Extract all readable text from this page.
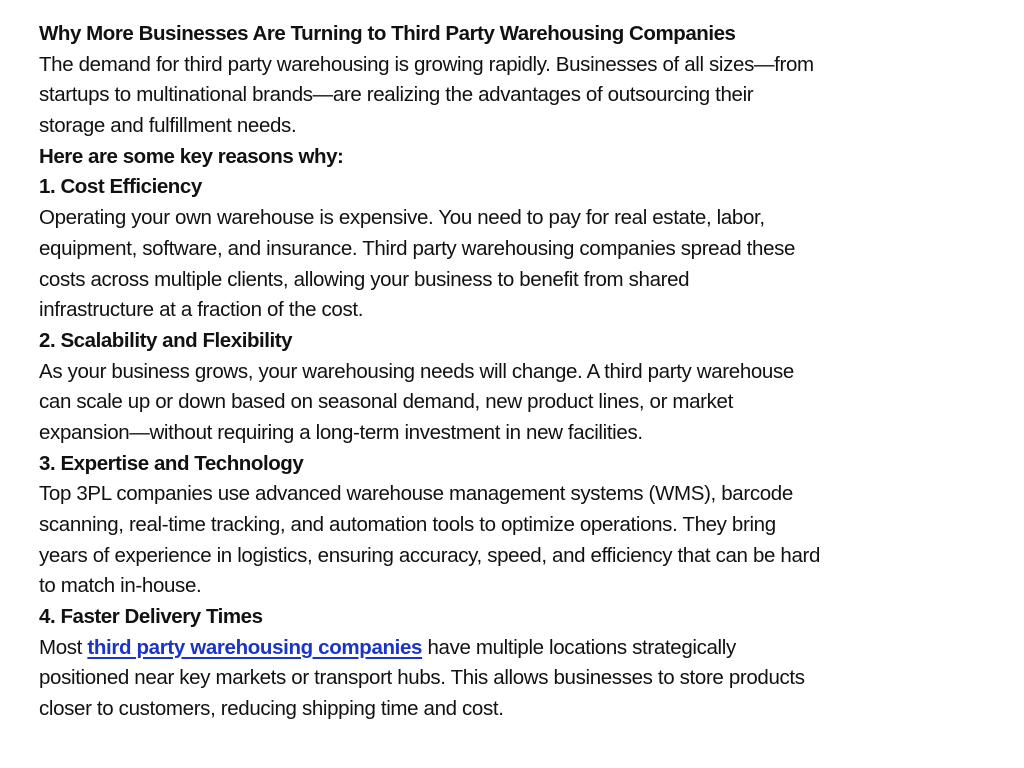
Why More Businesses Are Turning to Third Party Warehousing Companies
The demand for third party warehousing is growing rapidly. Businesses of all sizes—from
startups to multinational brands—are realizing the advantages of outsourcing their
storage and fulfillment needs.
Here are some key reasons why:
1. Cost Efficiency
Operating your own warehouse is expensive. You need to pay for real estate, labor,
equipment, software, and insurance. Third party warehousing companies spread these
costs across multiple clients, allowing your business to benefit from shared
infrastructure at a fraction of the cost.
2. Scalability and Flexibility
As your business grows, your warehousing needs will change. A third party warehouse
can scale up or down based on seasonal demand, new product lines, or market
expansion—without requiring a long-term investment in new facilities.
3. Expertise and Technology
Top 3PL companies use advanced warehouse management systems (WMS), barcode
scanning, real-time tracking, and automation tools to optimize operations. They bring
years of experience in logistics, ensuring accuracy, speed, and efficiency that can be hard
to match in-house.
4. Faster Delivery Times
Most third party warehousing companies have multiple locations strategically
positioned near key markets or transport hubs. This allows businesses to store products
closer to customers, reducing shipping time and cost.
